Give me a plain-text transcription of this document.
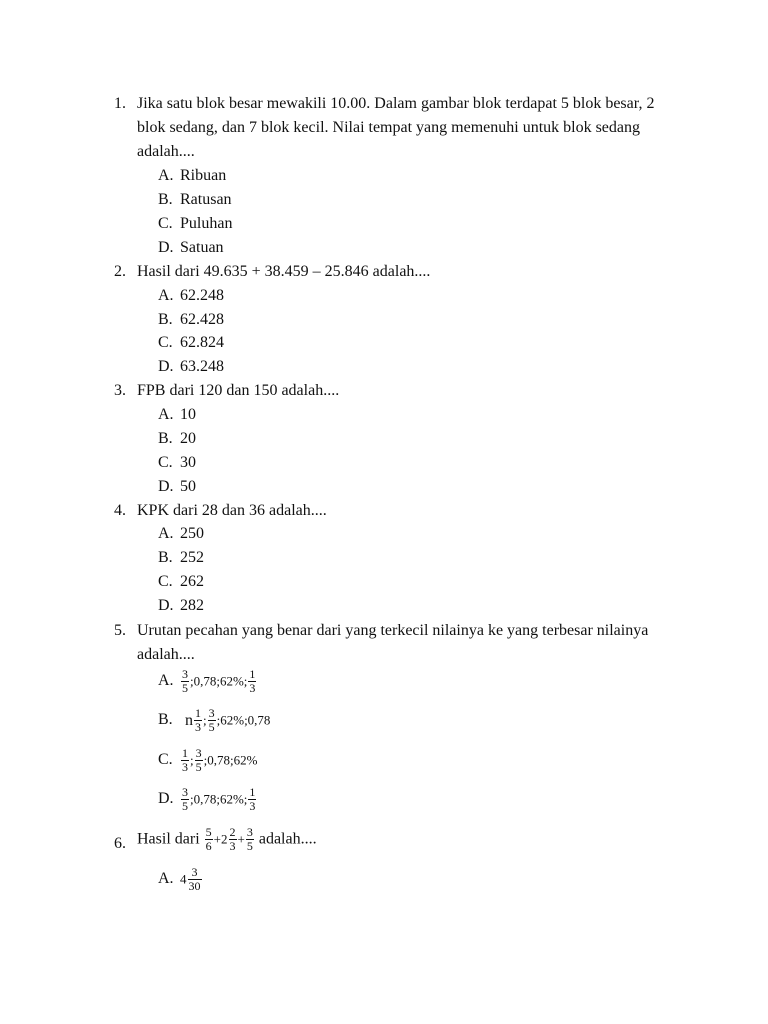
1. Jika satu blok besar mewakili 10.00. Dalam gambar blok terdapat 5 blok besar, 2 blok sedang, dan 7 blok kecil. Nilai tempat yang memenuhi untuk blok sedang adalah....
A. Ribuan
B. Ratusan
C. Puluhan
D. Satuan
2. Hasil dari 49.635 + 38.459 – 25.846 adalah....
A. 62.248
B. 62.428
C. 62.824
D. 63.248
3. FPB dari 120 dan 150 adalah....
A. 10
B. 20
C. 30
D. 50
4. KPK dari 28 dan 36 adalah....
A. 250
B. 252
C. 262
D. 282
5. Urutan pecahan yang benar dari yang terkecil nilainya ke yang terbesar nilainya adalah....
A. $\frac{3}{5}$ ;0,78;62%; $\frac{1}{3}$
B. n $\frac{1}{3}$ ; $\frac{3}{5}$ ;62%;0,78
C. $\frac{1}{3}$ ; $\frac{3}{5}$ ;0,78;62%
D. $\frac{3}{5}$ ;0,78;62%; $\frac{1}{3}$
6. Hasil dari $\frac{5}{6} +2 \frac{2}{3} + \frac{3}{5}$ adalah....
A. $4 \frac{3}{30}$
